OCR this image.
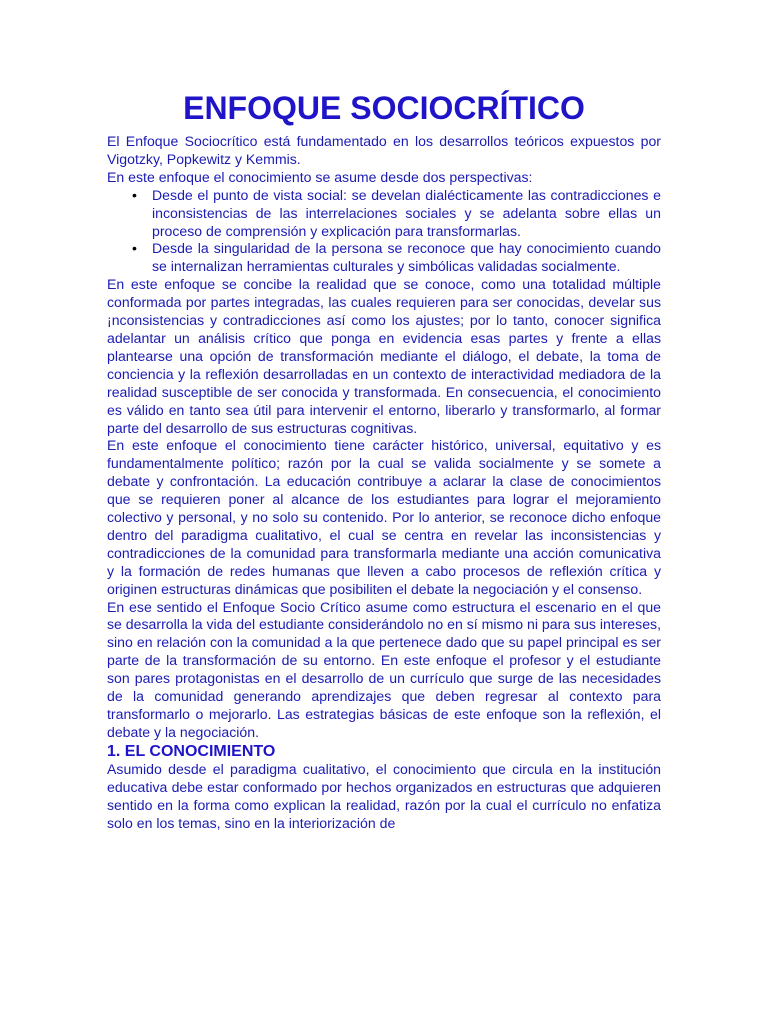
ENFOQUE SOCIOCRÍTICO

El Enfoque Sociocrítico está fundamentado en los desarrollos teóricos expuestos por Vigotzky, Popkewitz y Kemmis.

En este enfoque el conocimiento se asume desde dos perspectivas:

• Desde el punto de vista social: se develan dialécticamente las contradicciones e inconsistencias de las interrelaciones sociales y se adelanta sobre ellas un proceso de comprensión y explicación para transformarlas.
• Desde la singularidad de la persona se reconoce que hay conocimiento cuando se internalizan herramientas culturales y simbólicas validadas socialmente.

En este enfoque se concibe la realidad que se conoce, como una totalidad múltiple conformada por partes integradas, las cuales requieren para ser conocidas, develar sus ¡nconsistencias y contradicciones así como los ajustes; por lo tanto, conocer significa adelantar un análisis crítico que ponga en evidencia esas partes y frente a ellas plantearse una opción de transformación mediante el diálogo, el debate, la toma de conciencia y la reflexión desarrolladas en un contexto de interactividad mediadora de la realidad susceptible de ser conocida y transformada. En consecuencia, el conocimiento es válido en tanto sea útil para intervenir el entorno, liberarlo y transformarlo, al formar parte del desarrollo de sus estructuras cognitivas.

En este enfoque el conocimiento tiene carácter histórico, universal, equitativo y es fundamentalmente político; razón por la cual se valida socialmente y se somete a debate y confrontación. La educación contribuye a aclarar la clase de conocimientos que se requieren poner al alcance de los estudiantes para lograr el mejoramiento colectivo y personal, y no solo su contenido. Por lo anterior, se reconoce dicho enfoque dentro del paradigma cualitativo, el cual se centra en revelar las inconsistencias y contradicciones de la comunidad para transformarla mediante una acción comunicativa y la formación de redes humanas que lleven a cabo procesos de reflexión crítica y originen estructuras dinámicas que posibiliten el debate la negociación y el consenso.

En ese sentido el Enfoque Socio Crítico asume como estructura el escenario en el que se desarrolla la vida del estudiante considerándolo no en sí mismo ni para sus intereses, sino en relación con la comunidad a la que pertenece dado que su papel principal es ser parte de la transformación de su entorno. En este enfoque el profesor y el estudiante son pares protagonistas en el desarrollo de un currículo que surge de las necesidades de la comunidad generando aprendizajes que deben regresar al contexto para transformarlo o mejorarlo. Las estrategias básicas de este enfoque son la reflexión, el debate y la negociación.

1. EL CONOCIMIENTO

Asumido desde el paradigma cualitativo, el conocimiento que circula en la institución educativa debe estar conformado por hechos organizados en estructuras que adquieren sentido en la forma como explican la realidad, razón por la cual el currículo no enfatiza solo en los temas, sino en la interiorización de
